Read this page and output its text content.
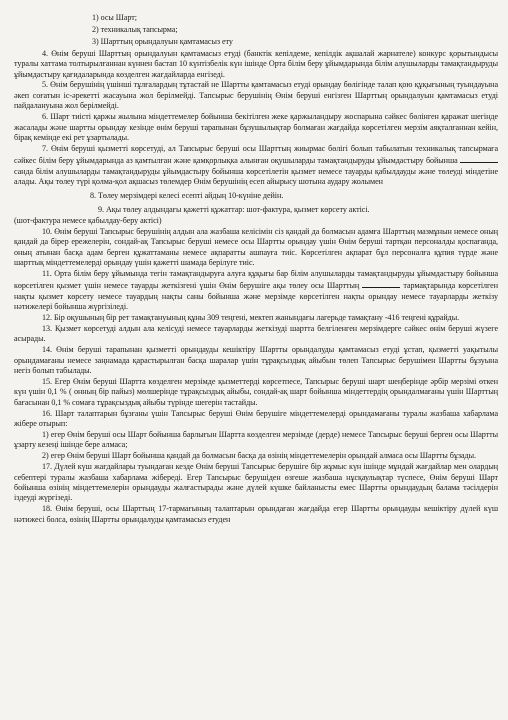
1) осы Шарт;

2) техникалық тапсырма;

3) Шарттың орындалуын қамтамасыз ету

4. Өнім беруші Шарттың орындалуын қамтамасыз етуді (банктік кепілдеме, кепілдік ақшалай жарнателе) конкурс қорытындысы туралы хаттама толтырылғаннан күннен бастап 10 күнтізбелік күн ішінде Орта білім беру ұйымдарында білім алушыларды тамақтандыруды ұйымдастыру қағидаларында көзделген жағдайларда енгізеді.

5. Өнім берушінің үшінші тұлғалардың тұтастай не Шартты қамтамасыз етуді орындау бөлігінде талап қою құқығының туындауына әкеп соғатын іс-әрекетті жасауына жол берілмейді. Тапсырыс берушінің Өнім беруші енгізген Шарттың орындалуын қамтамасыз етуді пайдалануына жол берілмейді.

6. Шарт тиісті қаржы жылына міндеттемелер бойынша бекітілген жеке қаржыландыру жоспарына сәйкес бөлінген қаражат шегінде жасалады және шартты орындау кезінде өнім беруші тарапынан бұзушылықтар болмаған жағдайда көрсетілген мерзім аяқталғаннан кейін, бірақ кемінде екі рет ұзартылады.

7. Өнім беруші қызметті көрсетуді, ал Тапсырыс беруші осы Шарттың жиырмас бөлігі болып табылатын техникалық тапсырмаға сәйкес білім беру ұйымдарында аз қамтылған және қамқорлықка алынған оқушыларды тамақтандыруды ұйымдастыру бойынша  санда білім алушыларды тамақтандыруды ұйымдастыру бойынша көрсетілетін қызмет немесе тауарды қабылдауды және төлеуді міндетіне алады. Ақы төлеу түрі қолма-қол ақшасыз төлемдер Өнім берушінің есеп айырысу шотына аудару жолымен

8. Төлеу мерзімдері келесі есепті айдың 10-күніне дейін.

9. Ақы төлеу алдындағы қажетті құжаттар: шот-фактура, қызмет көрсету актісі.

(шот-фактура немесе қабылдау-беру актісі)

10. Өнім беруші Тапсырыс берушінің алдын ала жазбаша келісімін сіз қандай да болмасын адамға Шарттың мазмұнын немесе оның қандай да бірер ережелерін, сондай-ақ Тапсырыс беруші немесе осы Шартты орындау үшін Өнім беруші тартқан персоналды қоспағанда, оның атынан басқа адам берген құжаттаманы немесе ақпаратты ашпауға тиіс. Көрсетілген ақпарат бұл персоналға құпия түрде және шарттық міндеттемелерді орындау үшін қажетті шамада берілуге тиіс.

11. Орта білім беру ұйымында тегін тамақтандыруға алуға құқығы бар білім алушыларды тамақтандыруды ұйымдастыру бойынша көрсетілген қызмет үшін немесе тауарды жеткізгені үшін Өнім берушіге ақы төлеу осы Шарттың	тармақтарында көрсетілген нақты қызмет көрсету немесе тауардың нақты саны бойынша және мерзімде көрсетілген нақты орындау немесе тауарларды жеткізу нәтижелері бойынша жүргізіледі.

12. Бір оқушының бір рет тамақтануының құны 309 теңгені, мектеп жанындағы лагерьде тамақтану -416 теңгені құрайды.

13. Қызмет көрсетуді алдын ала келісуді немесе тауарларды жеткізуді шартта белгіленген мерзімдерге сәйкес өнім беруші жүзеге асырады.

14. Өнім беруші тарапынан қызметті орындауды кешіктіру Шартты орындалуды қамтамасыз етуді ұстап, қызметті уақытылы орындамағаны немесе заңнамада қарастырылған басқа шаралар үшін тұрақсыздық айыбын төлеп Тапсырыс берушімен Шартты бұзуына негіз болып табылады.

15. Егер Өнім беруші Шартта көзделген мерзімде қызметтерді көрсетпесе, Тапсырыс беруші шарт шеңберінде әрбір мерзімі өткен күн үшін 0,1 % ( онның бір пайыз) мөлшерінде тұрақсыздық айыбы, сондай-ақ шарт бойынша міндеттердің орындалмағаны үшін Шарттың бағасынан 0,1 % сомаға тұрақсыздық айыбы түрінде шегерін тастайды.

16. Шарт талаптарын бұзғаны үшін Тапсырыс беруші Өнім берушіге міндеттемелерді орындамағаны туралы жазбаша хабарлама жібере отырып:

1) егер Өнім беруші осы Шарт бойынша барлығын Шартта көзделген мерзімде (дерде) немесе Тапсырыс беруші берген осы Шартты ұзарту кезеңі ішінде бере алмаса;

2) егер Өнім беруші Шарт бойынша қандай да болмасын басқа да өзінің міндеттемелерін орындай алмаса осы Шартты бұзады.

17. Дүлей күш жағдайлары туындаған кезде Өнім беруші Тапсырыс берушіге бір жұмыс күн ішінде мұндай жағдайлар мен олардың себептері туралы жазбаша хабарлама жібереді. Егер Тапсырыс берушіден өзгеше жазбаша нұсқаулықтар түспесе, Өнім беруші Шарт бойынша өзінің міндеттемелерін орындауды жалғастырады және дүлей күшке байланысты емес Шартты орындаудың балама тәсілдерін іздеуді жүргізеді.

18. Өнім беруші, осы Шарттың 17-тармағының талаптарын орындаған жағдайда егер Шартты орындауды кешіктіру дүлей күш нәтижесі болса, өзінің Шартты орындалуды қамтамасыз етуден
